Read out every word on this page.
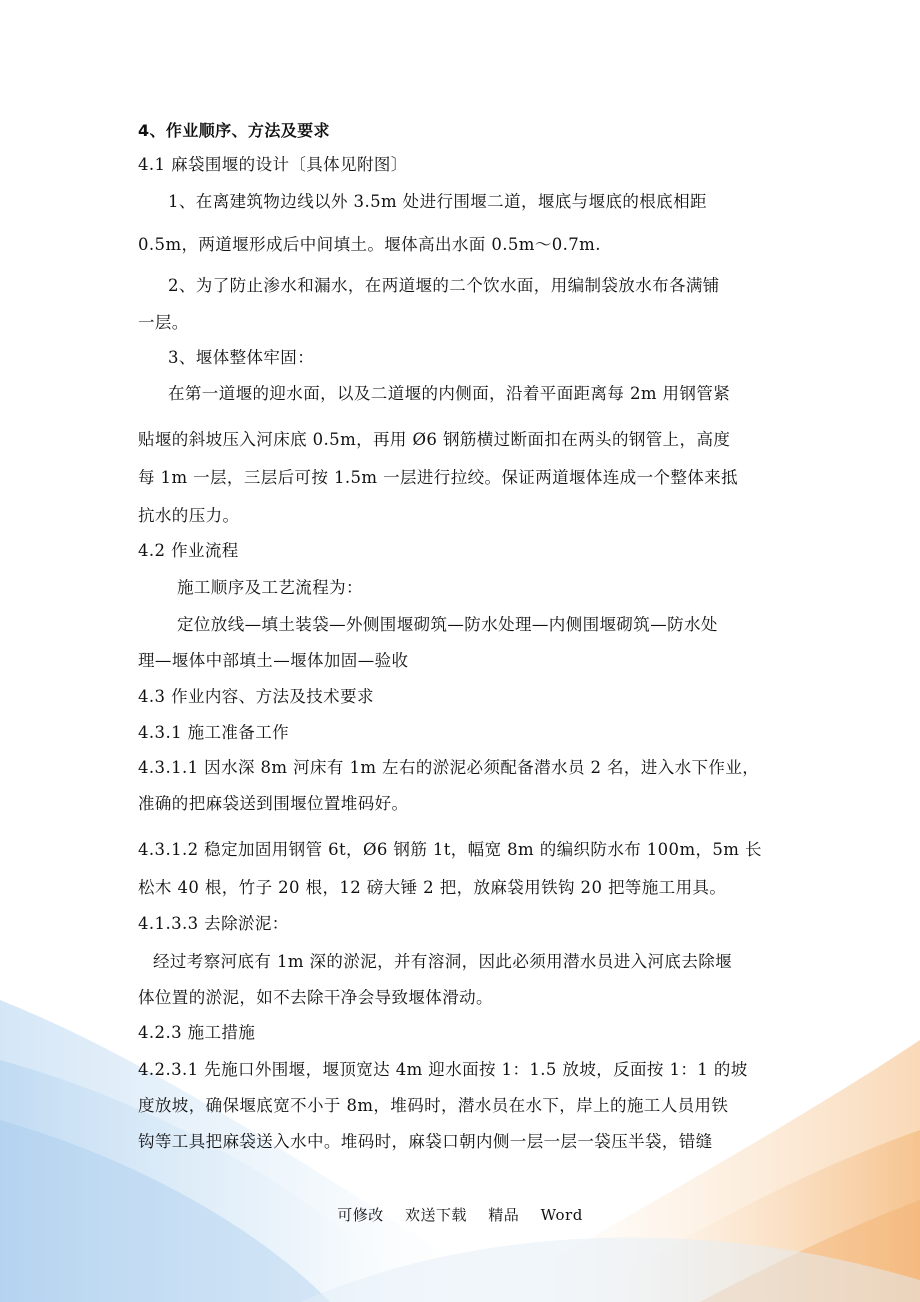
4、作业顺序、方法及要求
4.1 麻袋围堰的设计〔具体见附图〕
1、在离建筑物边线以外 3.5m 处进行围堰二道，堰底与堰底的根底相距
0.5m，两道堰形成后中间填土。堰体高出水面 0.5m～0.7m.
2、为了防止渗水和漏水，在两道堰的二个饮水面，用编制袋放水布各满铺
一层。
3、堰体整体牢固：
在第一道堰的迎水面，以及二道堰的内侧面，沿着平面距离每 2m 用钢管紧
贴堰的斜坡压入河床底 0.5m，再用 Ø6 钢筋横过断面扣在两头的钢管上，高度
每 1m 一层，三层后可按 1.5m 一层进行拉绞。保证两道堰体连成一个整体来抵
抗水的压力。
4.2 作业流程
施工顺序及工艺流程为：
定位放线—填土装袋—外侧围堰砌筑—防水处理—内侧围堰砌筑—防水处
理—堰体中部填土—堰体加固—验收
4.3 作业内容、方法及技术要求
4.3.1 施工准备工作
4.3.1.1 因水深 8m 河床有 1m 左右的淤泥必须配备潜水员 2 名，进入水下作业，
准确的把麻袋送到围堰位置堆码好。
4.3.1.2 稳定加固用钢管 6t，Ø6 钢筋 1t，幅宽 8m 的编织防水布 100m，5m 长
松木 40 根，竹子 20 根，12 磅大锤 2 把，放麻袋用铁钩 20 把等施工用具。
4.1.3.3 去除淤泥：
经过考察河底有 1m 深的淤泥，并有溶洞，因此必须用潜水员进入河底去除堰
体位置的淤泥，如不去除干净会导致堰体滑动。
4.2.3 施工措施
4.2.3.1 先施口外围堰，堰顶宽达 4m 迎水面按 1：1.5 放坡，反面按 1：1 的坡
度放坡，确保堰底宽不小于 8m，堆码时，潜水员在水下，岸上的施工人员用铁
钩等工具把麻袋送入水中。堆码时，麻袋口朝内侧一层一层一袋压半袋，错缝
可修改 欢送下载 精品 Word
